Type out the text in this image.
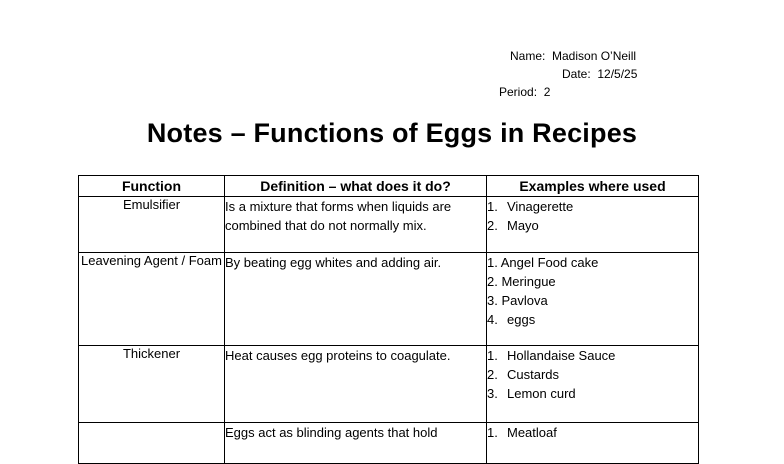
Name: Madison O’Neill
Date: 12/5/25
Period: 2
Notes – Functions of Eggs in Recipes
Function	Definition – what does it do?	Examples where used
Emulsifier	Is a mixture that forms when liquids are combined that do not normally mix.	1. Vinagerette
2. Mayo

Leavening Agent / Foam	By beating egg whites and adding air.	1. Angel Food cake
2. Meringue
3. Pavlova
4. eggs

Thickener	Heat causes egg proteins to coagulate.	1. Hollandaise Sauce
2. Custards
3. Lemon curd

	Eggs act as blinding agents that hold	1. Meatloaf
